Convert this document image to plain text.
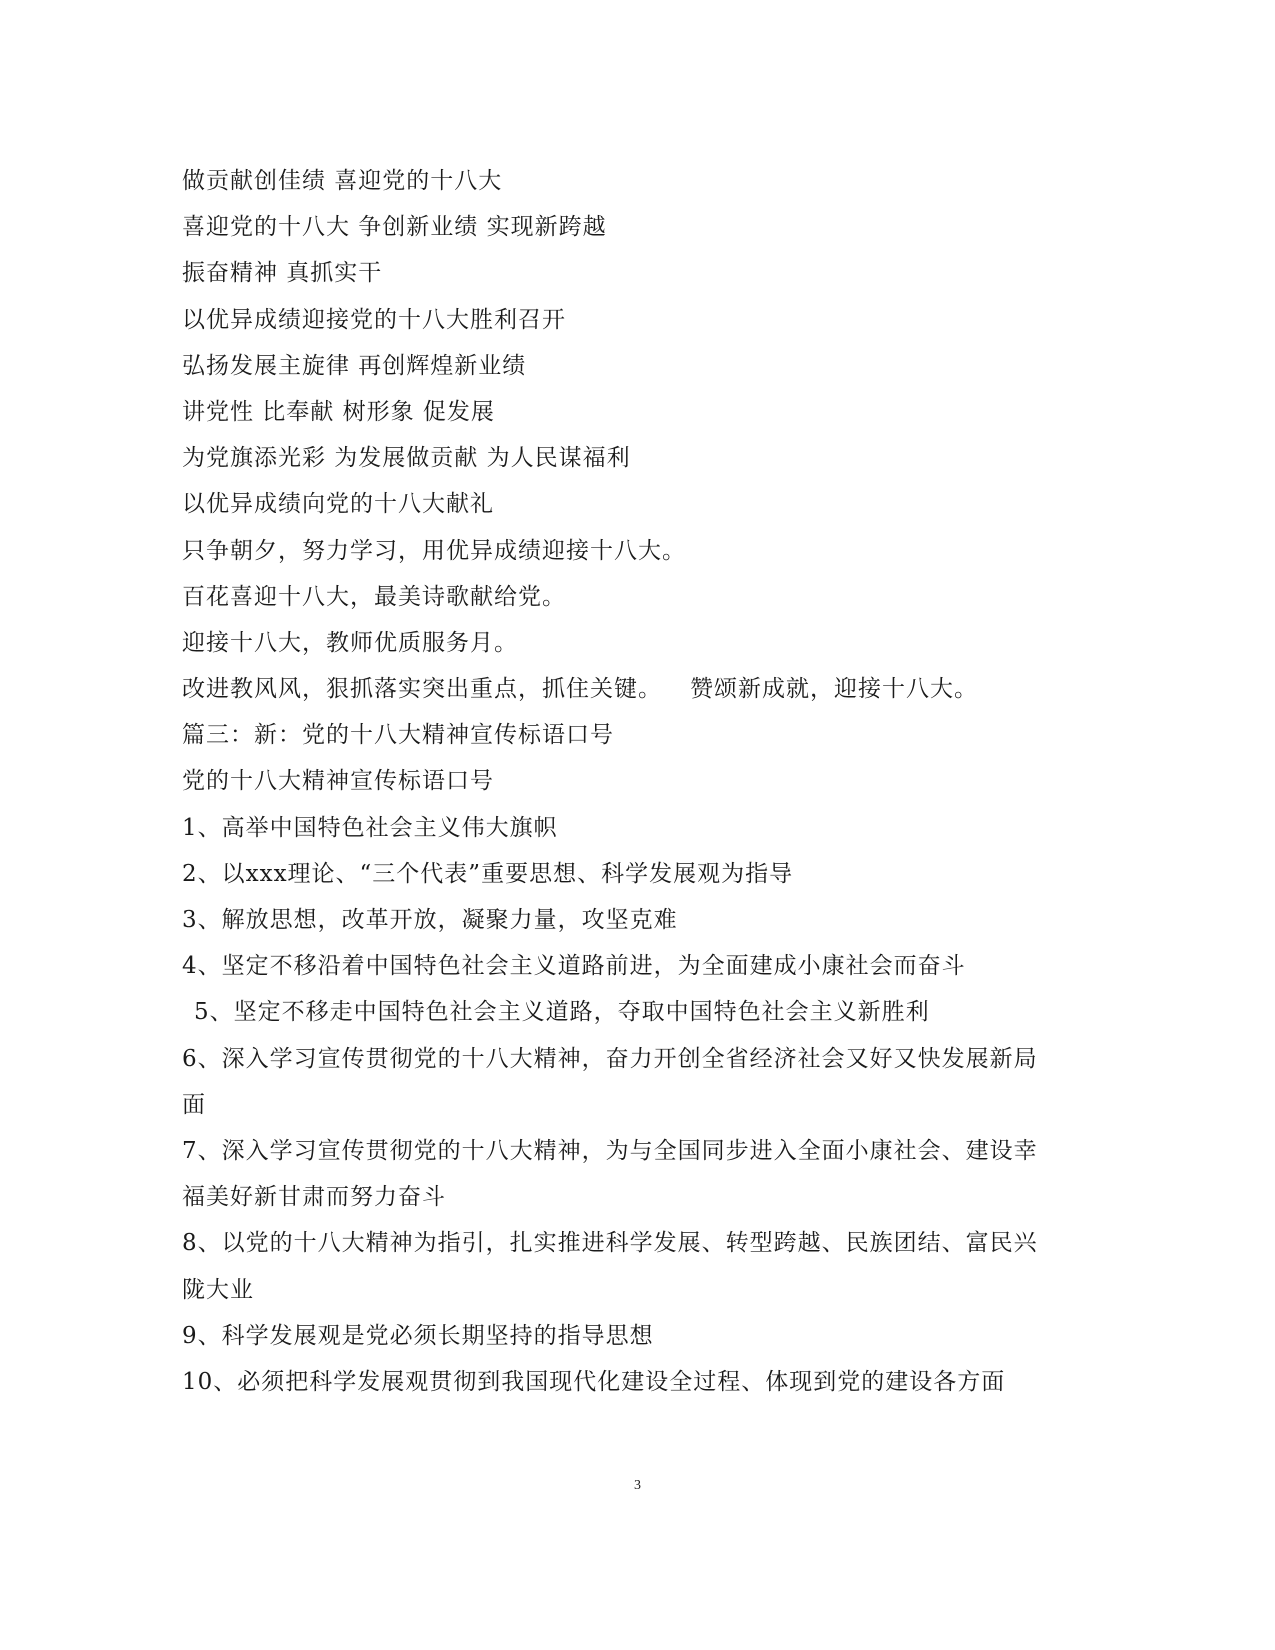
做贡献创佳绩 喜迎党的十八大
喜迎党的十八大 争创新业绩 实现新跨越
振奋精神 真抓实干
以优异成绩迎接党的十八大胜利召开
弘扬发展主旋律 再创辉煌新业绩
讲党性 比奉献 树形象 促发展
为党旗添光彩 为发展做贡献 为人民谋福利
以优异成绩向党的十八大献礼
只争朝夕，努力学习，用优异成绩迎接十八大。
百花喜迎十八大，最美诗歌献给党。
迎接十八大，教师优质服务月。
改进教风风，狠抓落实突出重点，抓住关键。 赞颂新成就，迎接十八大。
篇三：新：党的十八大精神宣传标语口号
党的十八大精神宣传标语口号
1、高举中国特色社会主义伟大旗帜
2、以xxx理论、“三个代表”重要思想、科学发展观为指导
3、解放思想，改革开放，凝聚力量，攻坚克难
4、坚定不移沿着中国特色社会主义道路前进，为全面建成小康社会而奋斗
5、坚定不移走中国特色社会主义道路，夺取中国特色社会主义新胜利
6、深入学习宣传贯彻党的十八大精神，奋力开创全省经济社会又好又快发展新局
面
7、深入学习宣传贯彻党的十八大精神，为与全国同步进入全面小康社会、建设幸
福美好新甘肃而努力奋斗
8、以党的十八大精神为指引，扎实推进科学发展、转型跨越、民族团结、富民兴
陇大业
9、科学发展观是党必须长期坚持的指导思想
10、必须把科学发展观贯彻到我国现代化建设全过程、体现到党的建设各方面
3
